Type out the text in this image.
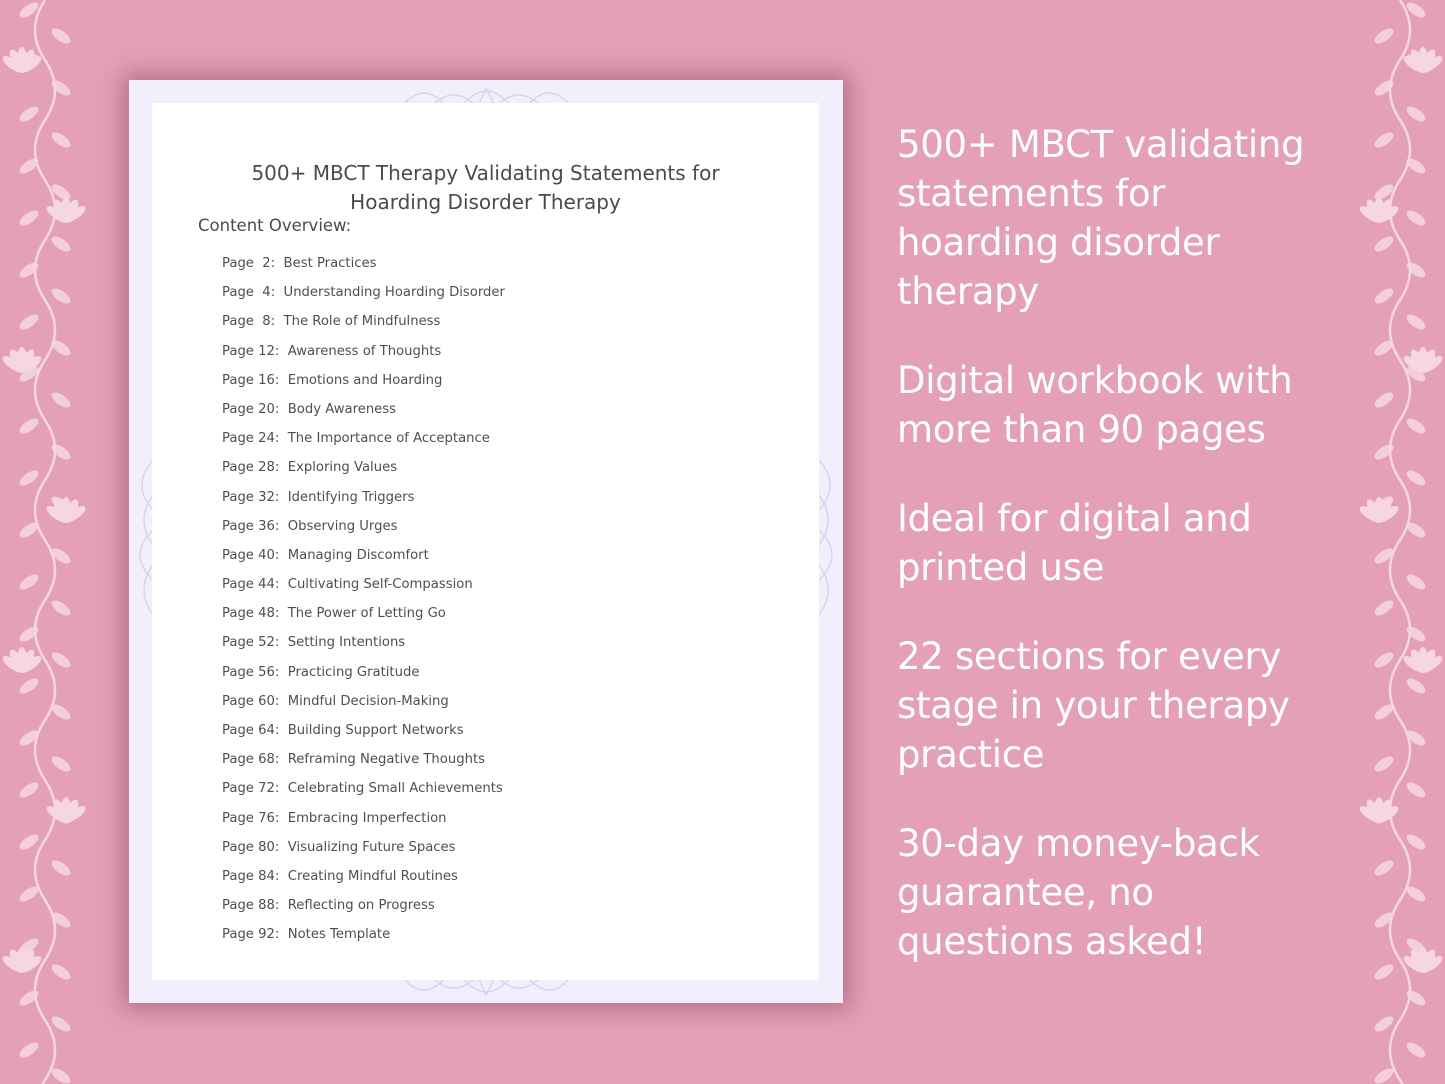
500+ MBCT Therapy Validating Statements for
Hoarding Disorder Therapy
Content Overview:
Page  2: Best Practices
Page  4: Understanding Hoarding Disorder
Page  8: The Role of Mindfulness
Page 12: Awareness of Thoughts
Page 16: Emotions and Hoarding
Page 20: Body Awareness
Page 24: The Importance of Acceptance
Page 28: Exploring Values
Page 32: Identifying Triggers
Page 36: Observing Urges
Page 40: Managing Discomfort
Page 44: Cultivating Self-Compassion
Page 48: The Power of Letting Go
Page 52: Setting Intentions
Page 56: Practicing Gratitude
Page 60: Mindful Decision-Making
Page 64: Building Support Networks
Page 68: Reframing Negative Thoughts
Page 72: Celebrating Small Achievements
Page 76: Embracing Imperfection
Page 80: Visualizing Future Spaces
Page 84: Creating Mindful Routines
Page 88: Reflecting on Progress
Page 92: Notes Template
500+ MBCT validating
statements for
hoarding disorder
therapy
Digital workbook with
more than 90 pages
Ideal for digital and
printed use
22 sections for every
stage in your therapy
practice
30-day money-back
guarantee, no
questions asked!
